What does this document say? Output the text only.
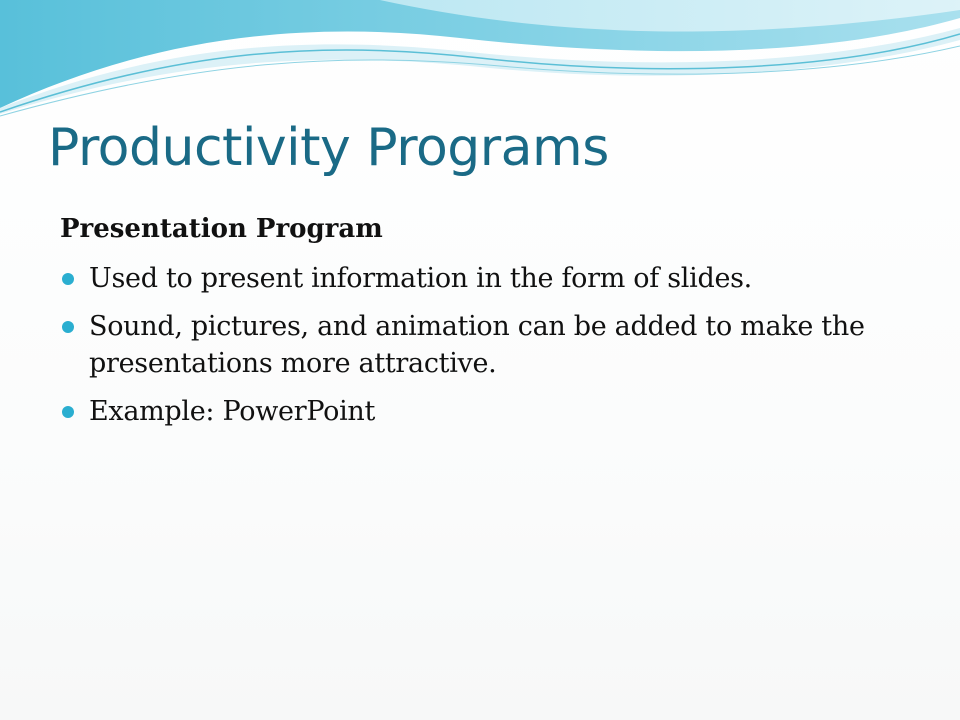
Productivity Programs
Presentation Program
Used to present information in the form of slides.
Sound, pictures, and animation can be added to make the presentations more attractive.
Example: PowerPoint
